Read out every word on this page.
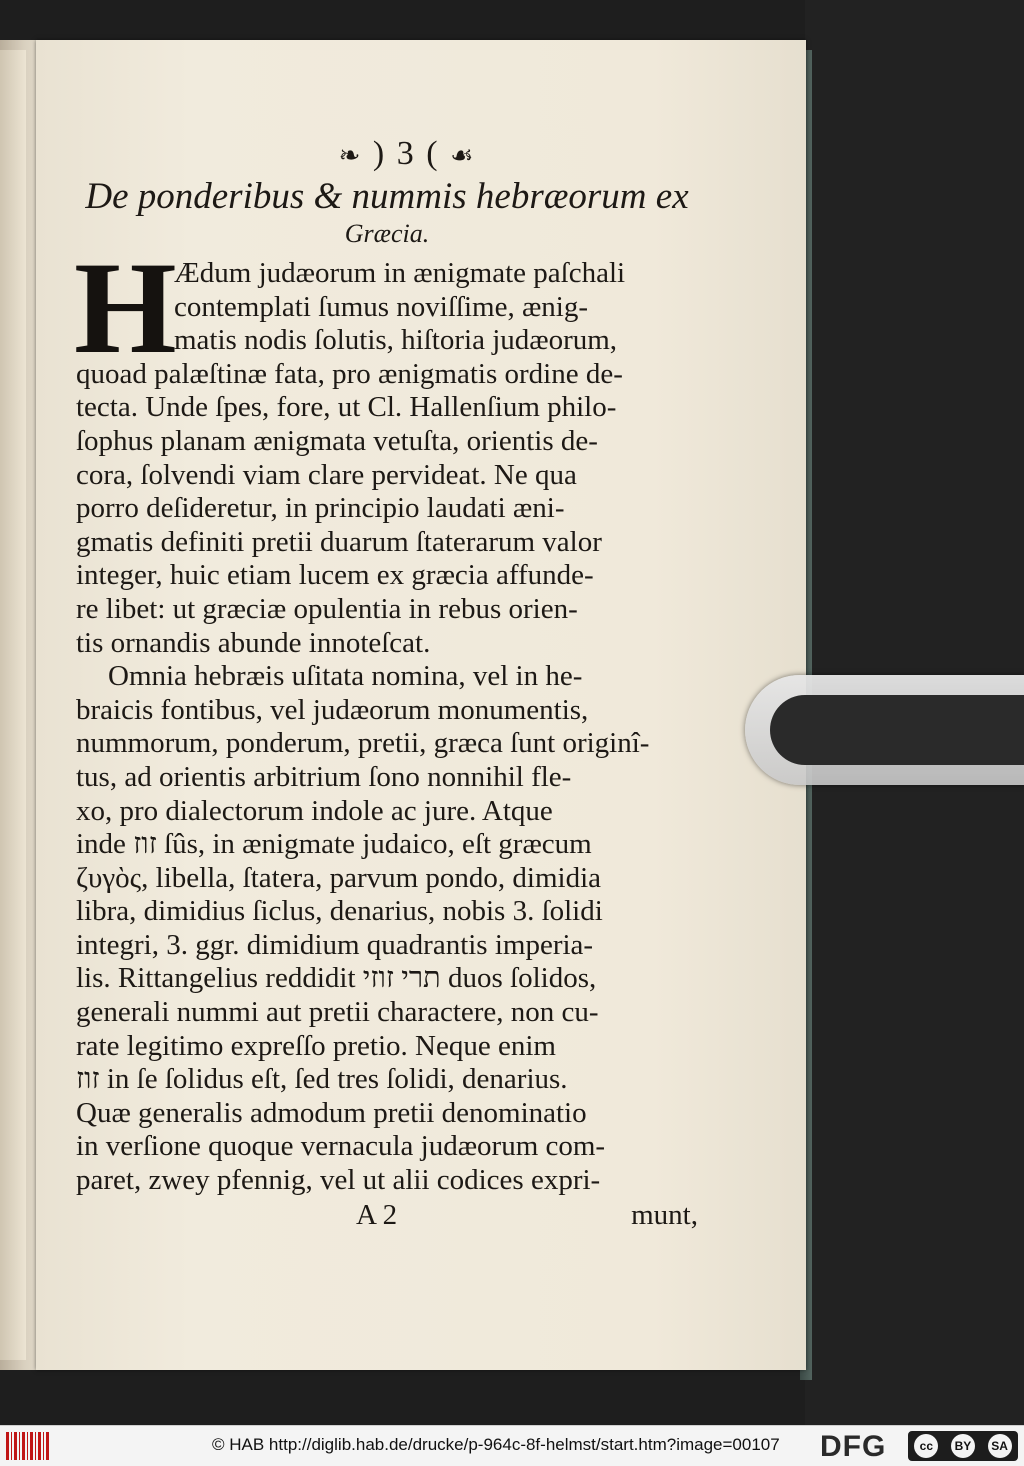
❧ ) 3 ( ☙

De ponderibus & nummis hebræorum ex

Græcia.

H
Ædum judæorum in ænigmate paſchali
contemplati ſumus noviſſime, ænig-
matis nodis ſolutis, hiſtoria judæorum,
quoad palæſtinæ fata, pro ænigmatis ordine de-
tecta. Unde ſpes, fore, ut Cl. Hallenſium philo-
ſophus planam ænigmata vetuſta, orientis de-
cora, ſolvendi viam clare pervideat. Ne qua
porro deſideretur, in principio laudati æni-
gmatis definiti pretii duarum ſtaterarum valor
integer, huic etiam lucem ex græcia affunde-
re libet: ut græciæ opulentia in rebus orien-
tis ornandis abunde innoteſcat.
Omnia hebræis uſitata nomina, vel in he-
braicis fontibus, vel judæorum monumentis,
nummorum, ponderum, pretii, græca ſunt originî-
tus, ad orientis arbitrium ſono nonnihil fle-
xo, pro dialectorum indole ac jure. Atque
inde זוז ſûs, in ænigmate judaico, eſt græcum
ζυγὸς, libella, ſtatera, parvum pondo, dimidia
libra, dimidius ſiclus, denarius, nobis 3. ſolidi
integri, 3. ggr. dimidium quadrantis imperia-
lis. Rittangelius reddidit תרי זוזי duos ſolidos,
generali nummi aut pretii charactere, non cu-
rate legitimo expreſſo pretio. Neque enim
זוז in ſe ſolidus eſt, ſed tres ſolidi, denarius.
Quæ generalis admodum pretii denominatio
in verſione quoque vernacula judæorum com-
paret, zwey pfennig, vel ut alii codices expri-
A 2	munt,
© HAB http://diglib.hab.de/drucke/p-964c-8f-helmst/start.htm?image=00107 DFG	cc	BY	SA
